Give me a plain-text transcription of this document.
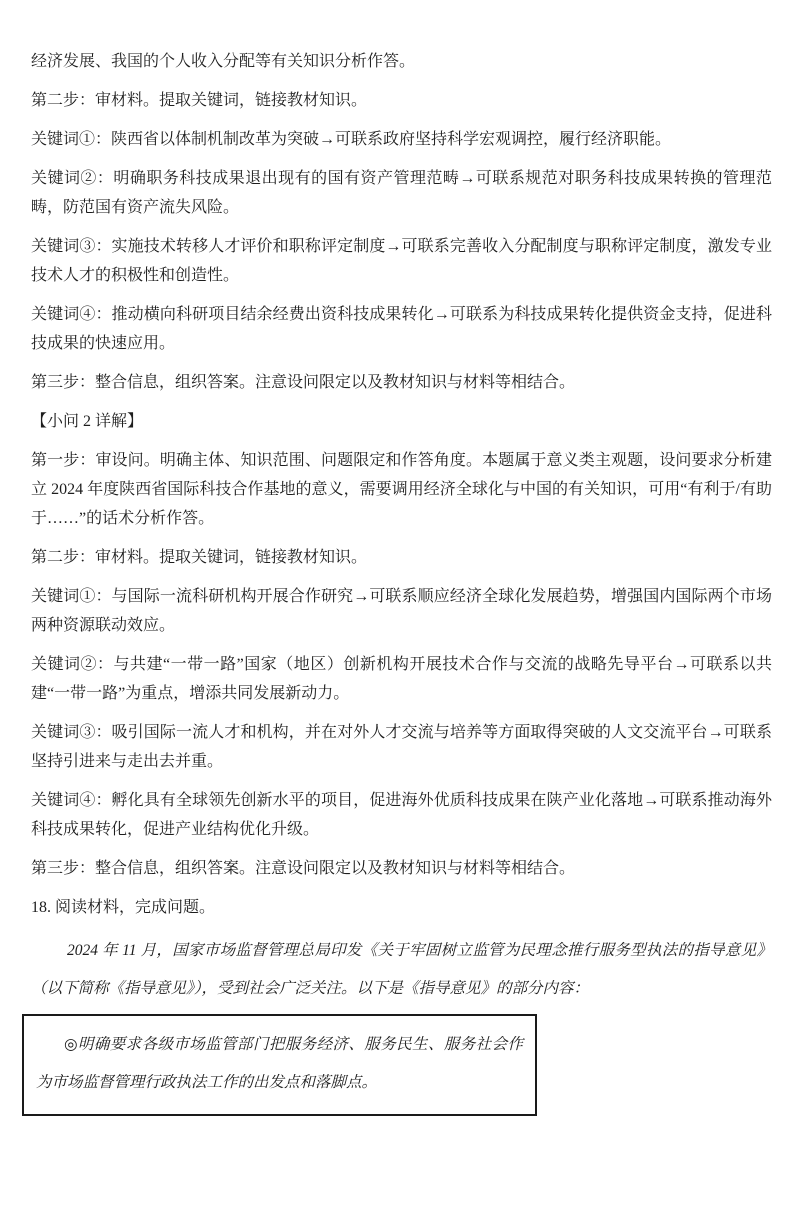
经济发展、我国的个人收入分配等有关知识分析作答。

第二步：审材料。提取关键词，链接教材知识。

关键词①：陕西省以体制机制改革为突破→可联系政府坚持科学宏观调控，履行经济职能。

关键词②：明确职务科技成果退出现有的国有资产管理范畴→可联系规范对职务科技成果转换的管理范畴，防范国有资产流失风险。

关键词③：实施技术转移人才评价和职称评定制度→可联系完善收入分配制度与职称评定制度，激发专业技术人才的积极性和创造性。

关键词④：推动横向科研项目结余经费出资科技成果转化→可联系为科技成果转化提供资金支持，促进科技成果的快速应用。

第三步：整合信息，组织答案。注意设问限定以及教材知识与材料等相结合。

【小问 2 详解】

第一步：审设问。明确主体、知识范围、问题限定和作答角度。本题属于意义类主观题，设问要求分析建立 2024 年度陕西省国际科技合作基地的意义，需要调用经济全球化与中国的有关知识，可用“有利于/有助于……”的话术分析作答。

第二步：审材料。提取关键词，链接教材知识。

关键词①：与国际一流科研机构开展合作研究→可联系顺应经济全球化发展趋势，增强国内国际两个市场两种资源联动效应。

关键词②：与共建“一带一路”国家（地区）创新机构开展技术合作与交流的战略先导平台→可联系以共建“一带一路”为重点，增添共同发展新动力。

关键词③：吸引国际一流人才和机构，并在对外人才交流与培养等方面取得突破的人文交流平台→可联系坚持引进来与走出去并重。

关键词④：孵化具有全球领先创新水平的项目，促进海外优质科技成果在陕产业化落地→可联系推动海外科技成果转化，促进产业结构优化升级。

第三步：整合信息，组织答案。注意设问限定以及教材知识与材料等相结合。

18. 阅读材料，完成问题。

2024 年 11 月，国家市场监督管理总局印发《关于牢固树立监管为民理念推行服务型执法的指导意见》（以下简称《指导意见》），受到社会广泛关注。以下是《指导意见》的部分内容：

◎明确要求各级市场监管部门把服务经济、服务民生、服务社会作为市场监督管理行政执法工作的出发点和落脚点。
